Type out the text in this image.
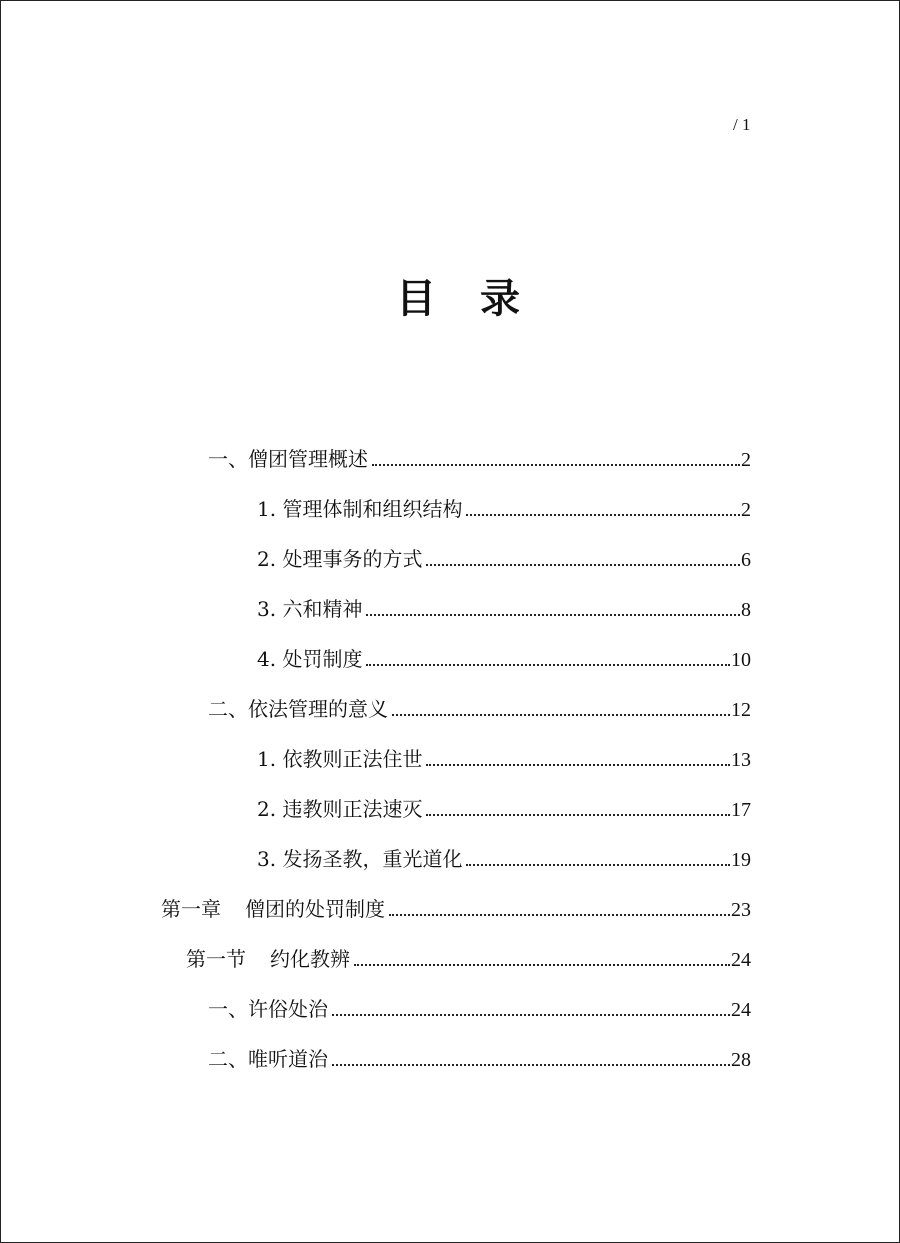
/ 1
目 录
一、僧团管理概述	2
1. 管理体制和组织结构	2
2. 处理事务的方式	6
3. 六和精神	8
4. 处罚制度	10
二、依法管理的意义	12
1. 依教则正法住世	13
2. 违教则正法速灭	17
3. 发扬圣教，重光道化	19
第一章 僧团的处罚制度	23
第一节 约化教辨	24
一、许俗处治	24
二、唯听道治	28
